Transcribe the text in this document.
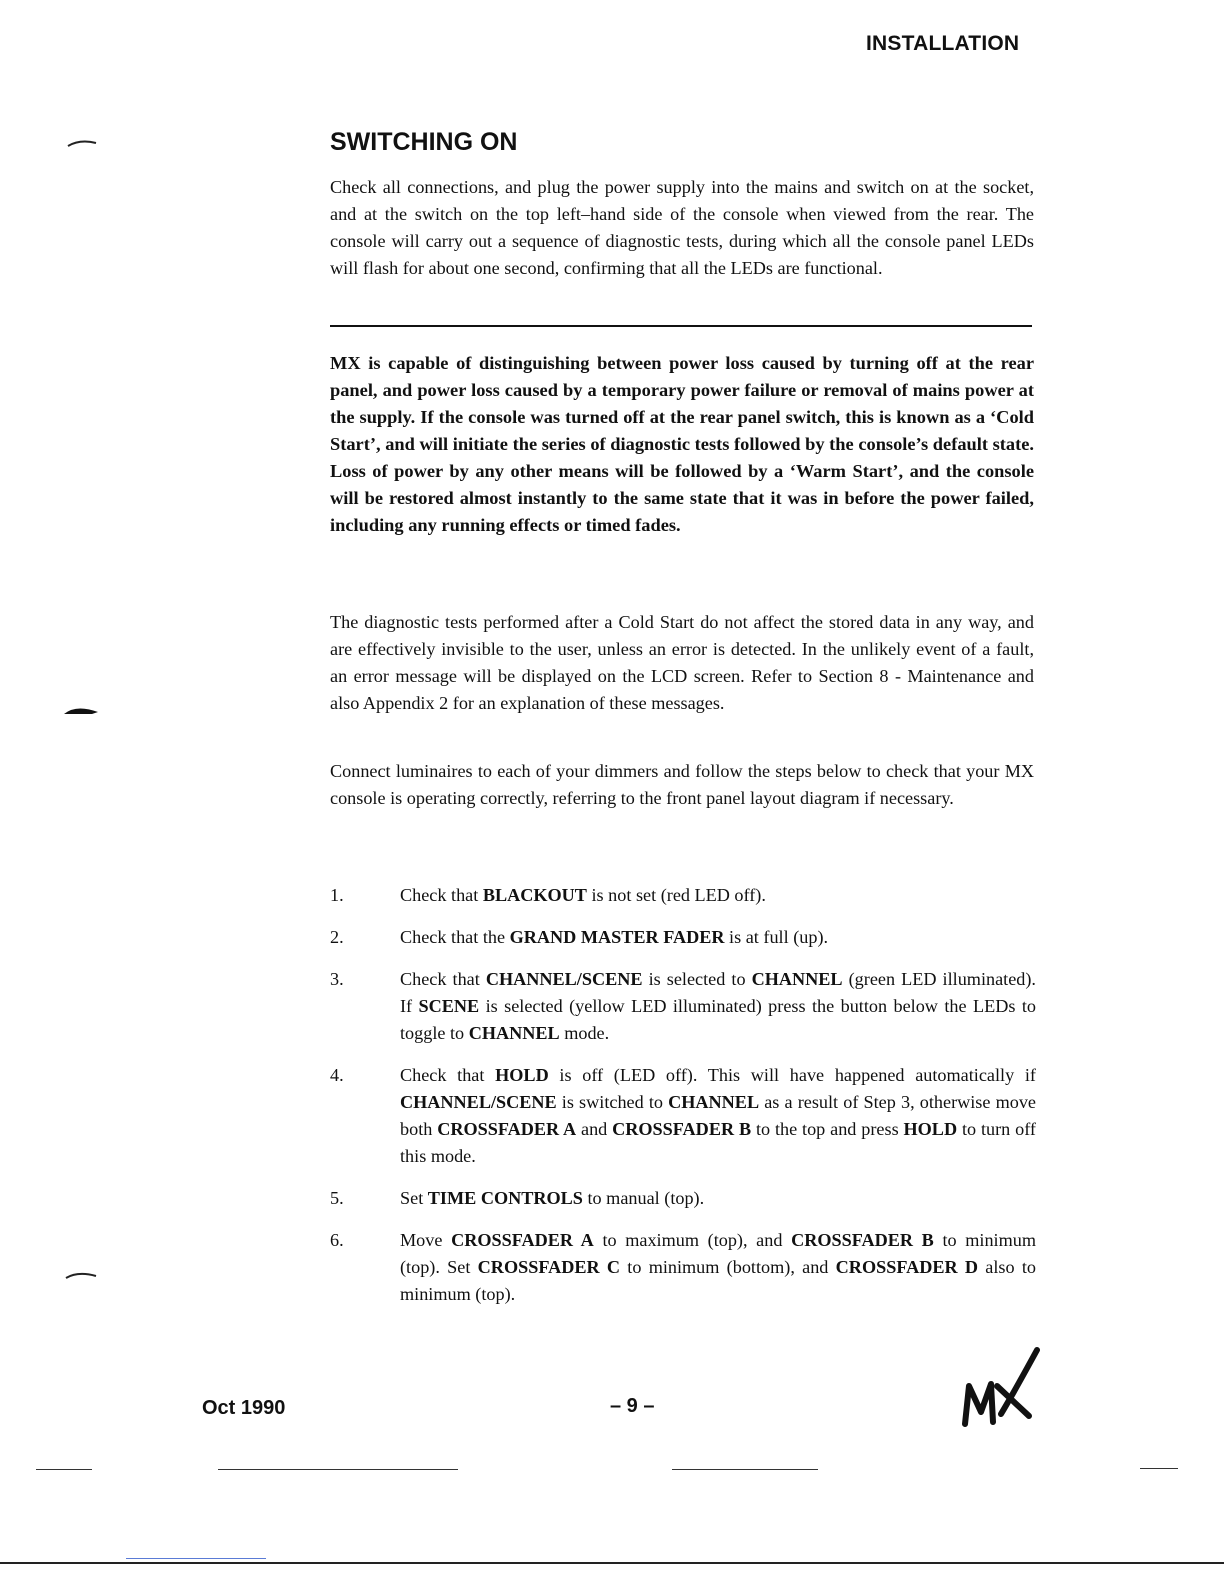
INSTALLATION
SWITCHING ON
Check all connections, and plug the power supply into the mains and switch on at the socket, and at the switch on the top left–hand side of the console when viewed from the rear. The console will carry out a sequence of diagnostic tests, during which all the console panel LEDs will flash for about one second, confirming that all the LEDs are functional.
MX is capable of distinguishing between power loss caused by turning off at the rear panel, and power loss caused by a temporary power failure or removal of mains power at the supply. If the console was turned off at the rear panel switch, this is known as a ‘Cold Start’, and will initiate the series of diagnostic tests followed by the console’s default state. Loss of power by any other means will be followed by a ‘Warm Start’, and the console will be restored almost instantly to the same state that it was in before the power failed, including any running effects or timed fades.
The diagnostic tests performed after a Cold Start do not affect the stored data in any way, and are effectively invisible to the user, unless an error is detected. In the unlikely event of a fault, an error message will be displayed on the LCD screen. Refer to Section 8 - Maintenance and also Appendix 2 for an explanation of these messages.
Connect luminaires to each of your dimmers and follow the steps below to check that your MX console is operating correctly, referring to the front panel layout diagram if necessary.
1.	Check that BLACKOUT is not set (red LED off).
2.	Check that the GRAND MASTER FADER is at full (up).
3.	Check that CHANNEL/SCENE is selected to CHANNEL (green LED illuminated). If SCENE is selected (yellow LED illuminated) press the button below the LEDs to toggle to CHANNEL mode.
4.	Check that HOLD is off (LED off). This will have happened automatically if CHANNEL/SCENE is switched to CHANNEL as a result of Step 3, otherwise move both CROSSFADER A and CROSSFADER B to the top and press HOLD to turn off this mode.
5.	Set TIME CONTROLS to manual (top).
6.	Move CROSSFADER A to maximum (top), and CROSSFADER B to minimum (top). Set CROSSFADER C to minimum (bottom), and CROSSFADER D also to minimum (top).
Oct 1990	– 9 –
